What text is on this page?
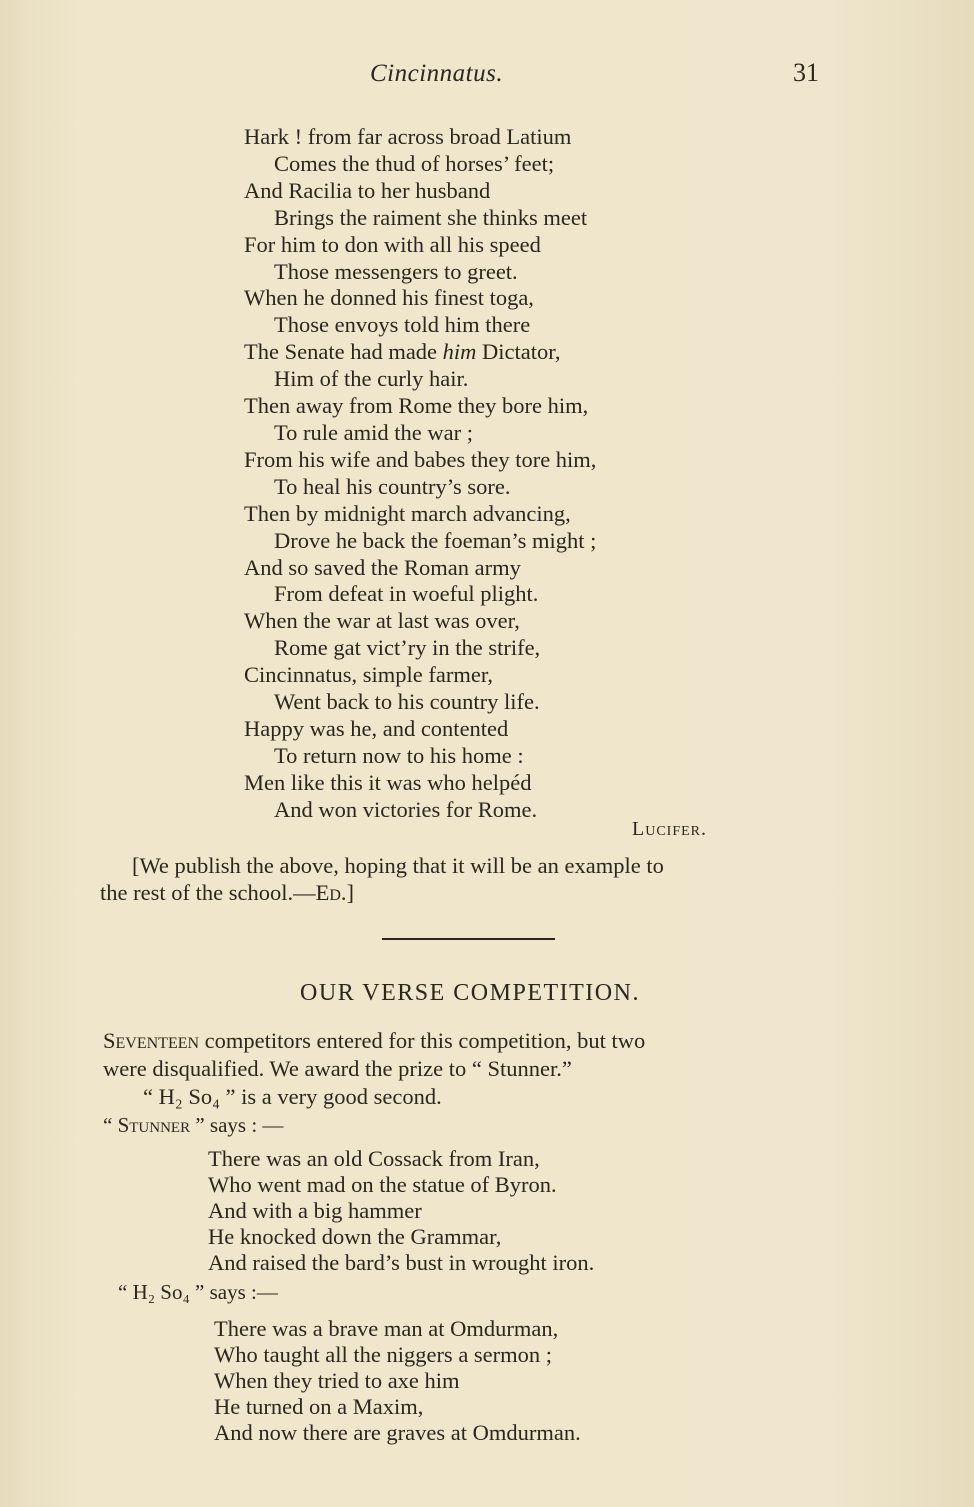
Cincinnatus.	31
Hark ! from far across broad Latium
Comes the thud of horses’ feet;
And Racilia to her husband
Brings the raiment she thinks meet
For him to don with all his speed
Those messengers to greet.
When he donned his finest toga,
Those envoys told him there
The Senate had made him Dictator,
Him of the curly hair.
Then away from Rome they bore him,
To rule amid the war ;
From his wife and babes they tore him,
To heal his country’s sore.
Then by midnight march advancing,
Drove he back the foeman’s might ;
And so saved the Roman army
From defeat in woeful plight.
When the war at last was over,
Rome gat vict’ry in the strife,
Cincinnatus, simple farmer,
Went back to his country life.
Happy was he, and contented
To return now to his home :
Men like this it was who helpéd
And won victories for Rome.
Lucifer.
[We publish the above, hoping that it will be an example to
the rest of the school.—Ed.]
OUR VERSE COMPETITION.
Seventeen competitors entered for this competition, but two
were disqualified. We award the prize to “ Stunner.”
“ H₂ So₄ ” is a very good second.
“ Stunner ” says : —
There was an old Cossack from Iran,
Who went mad on the statue of Byron.
And with a big hammer
He knocked down the Grammar,
And raised the bard’s bust in wrought iron.
“ H₂ So₄ ” says :—
There was a brave man at Omdurman,
Who taught all the niggers a sermon ;
When they tried to axe him
He turned on a Maxim,
And now there are graves at Omdurman.
